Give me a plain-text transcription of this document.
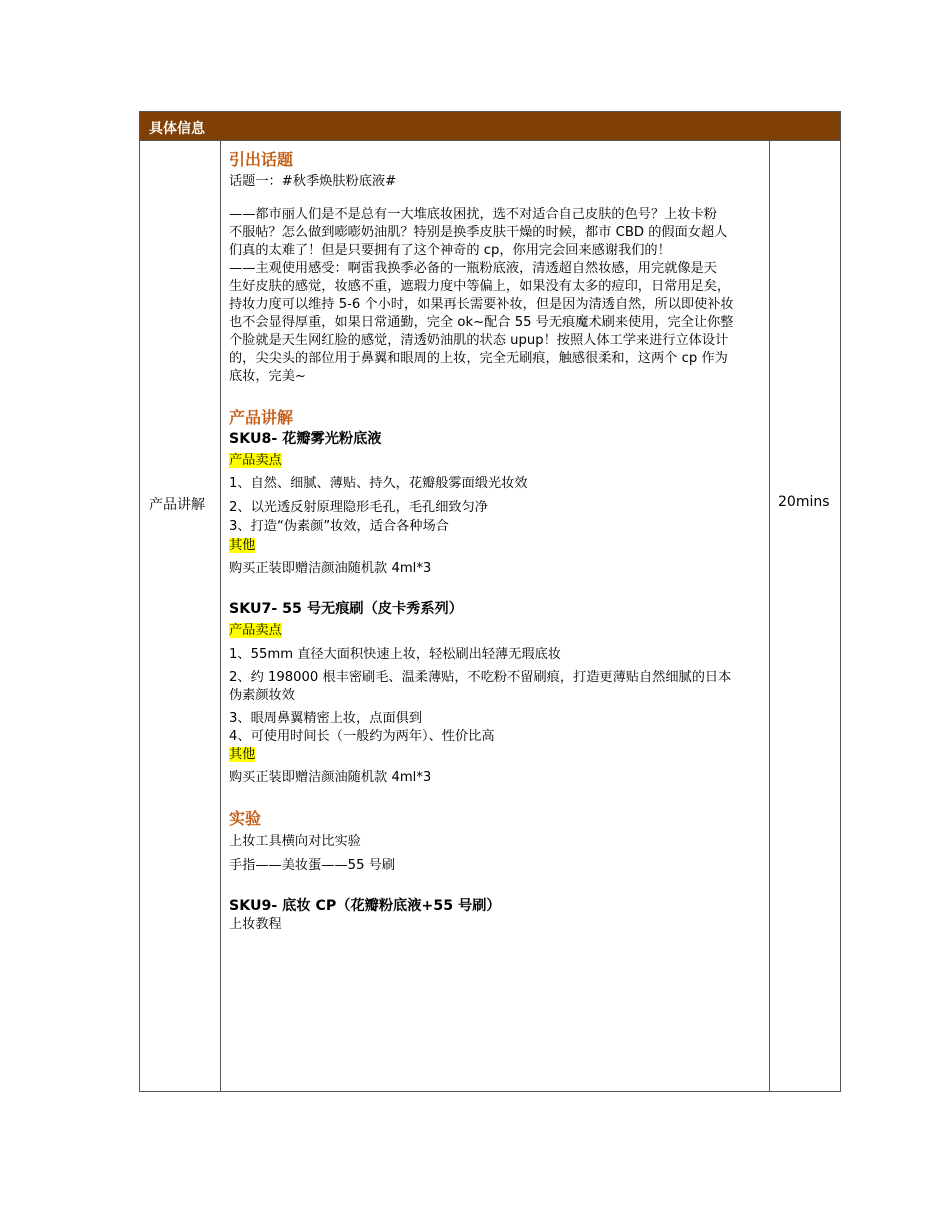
具体信息
产品讲解	20mins
引出话题
话题一：#秋季焕肤粉底液#
——都市丽人们是不是总有一大堆底妆困扰，选不对适合自己皮肤的色号？上妆卡粉
不服帖？怎么做到嘭嘭奶油肌？特别是换季皮肤干燥的时候，都市 CBD 的假面女超人
们真的太难了！但是只要拥有了这个神奇的 cp，你用完会回来感谢我们的！
——主观使用感受：啊雷我换季必备的一瓶粉底液，清透超自然妆感，用完就像是天
生好皮肤的感觉，妆感不重，遮瑕力度中等偏上，如果没有太多的痘印，日常用足矣，
持妆力度可以维持 5-6 个小时，如果再长需要补妆，但是因为清透自然，所以即使补妆
也不会显得厚重，如果日常通勤，完全 ok~配合 55 号无痕魔术刷来使用，完全让你整
个脸就是天生网红脸的感觉，清透奶油肌的状态 upup！按照人体工学来进行立体设计
的，尖尖头的部位用于鼻翼和眼周的上妆，完全无刷痕，触感很柔和，这两个 cp 作为
底妆，完美~
产品讲解
SKU8- 花瓣雾光粉底液
产品卖点
1、自然、细腻、薄贴、持久，花瓣般雾面缎光妆效
2、以光透反射原理隐形毛孔，毛孔细致匀净
3、打造“伪素颜”妆效，适合各种场合
其他
购买正装即赠洁颜油随机款 4ml*3
SKU7- 55 号无痕刷（皮卡秀系列）
产品卖点
1、55mm 直径大面积快速上妆，轻松刷出轻薄无瑕底妆
2、约 198000 根丰密刷毛、温柔薄贴，不吃粉不留刷痕，打造更薄贴自然细腻的日本
伪素颜妆效
3、眼周鼻翼精密上妆，点面俱到
4、可使用时间长（一般约为两年）、性价比高
其他
购买正装即赠洁颜油随机款 4ml*3
实验
上妆工具横向对比实验
手指——美妆蛋——55 号刷
SKU9- 底妆 CP（花瓣粉底液+55 号刷）
上妆教程
